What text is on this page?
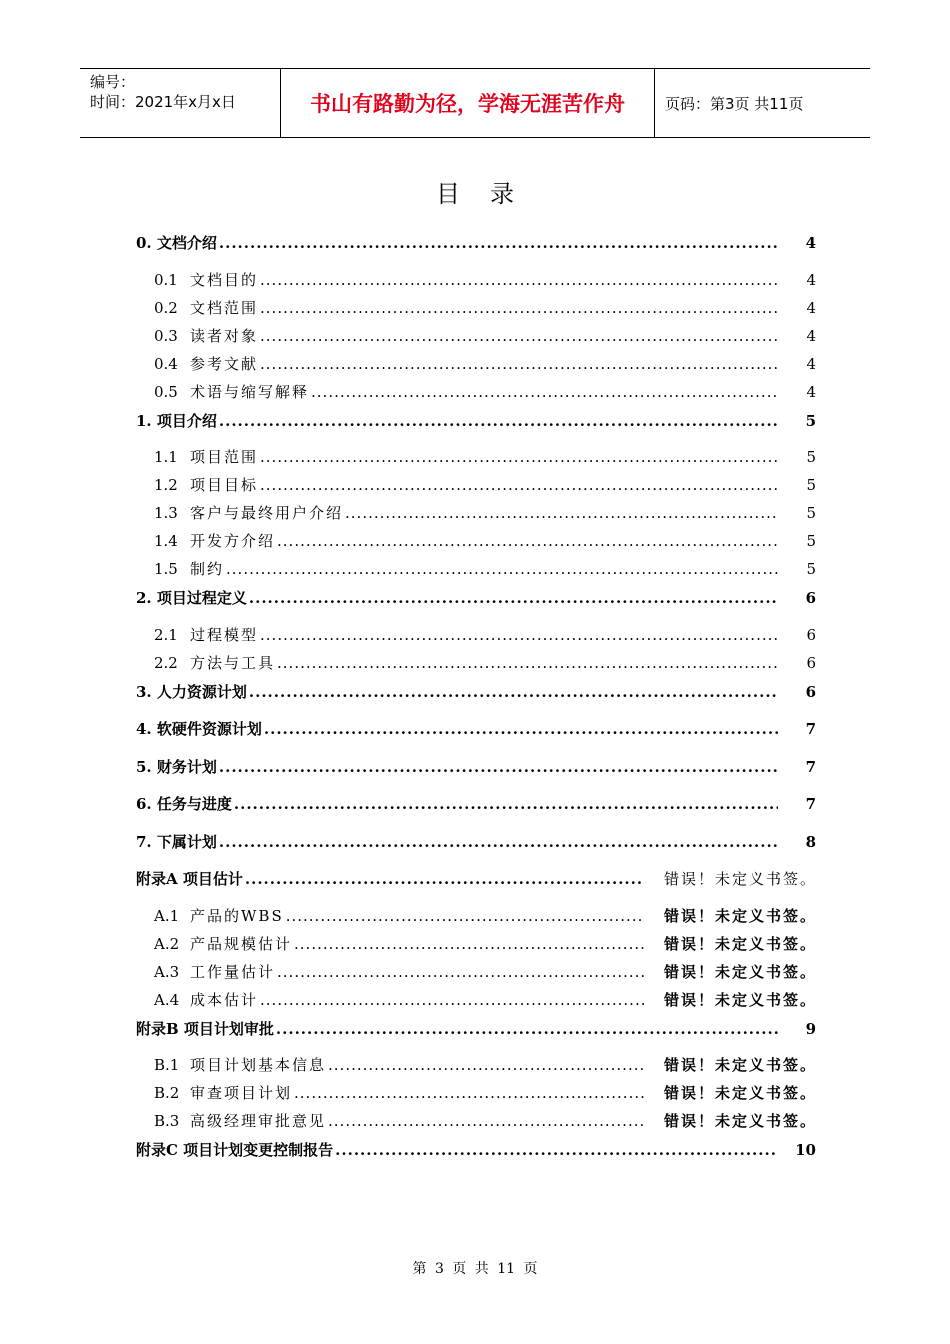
编号：
时间：2021年x月x日	书山有路勤为径，学海无涯苦作舟	页码：第3页 共11页
目录
0. 文档介绍 .....	4
0.1 文档目的 .....	4
0.2 文档范围 .....	4
0.3 读者对象 .....	4
0.4 参考文献 .....	4
0.5 术语与缩写解释 .....	4
1. 项目介绍 .....	5
1.1 项目范围 .....	5
1.2 项目目标 .....	5
1.3 客户与最终用户介绍 .....	5
1.4 开发方介绍 .....	5
1.5 制约 .....	5
2. 项目过程定义 .....	6
2.1 过程模型 .....	6
2.2 方法与工具 .....	6
3. 人力资源计划 .....	6
4. 软硬件资源计划 .....	7
5. 财务计划 .....	7
6. 任务与进度 .....	7
7. 下属计划 .....	8
附录A 项目估计 .....	错误！未定义书签。
A.1 产品的WBS .....	错误！未定义书签。
A.2 产品规模估计 .....	错误！未定义书签。
A.3 工作量估计 .....	错误！未定义书签。
A.4 成本估计 .....	错误！未定义书签。
附录B 项目计划审批 .....	9
B.1 项目计划基本信息 .....	错误！未定义书签。
B.2 审查项目计划 .....	错误！未定义书签。
B.3 高级经理审批意见 .....	错误！未定义书签。
附录C 项目计划变更控制报告 .....	10
第 3 页 共 11 页
